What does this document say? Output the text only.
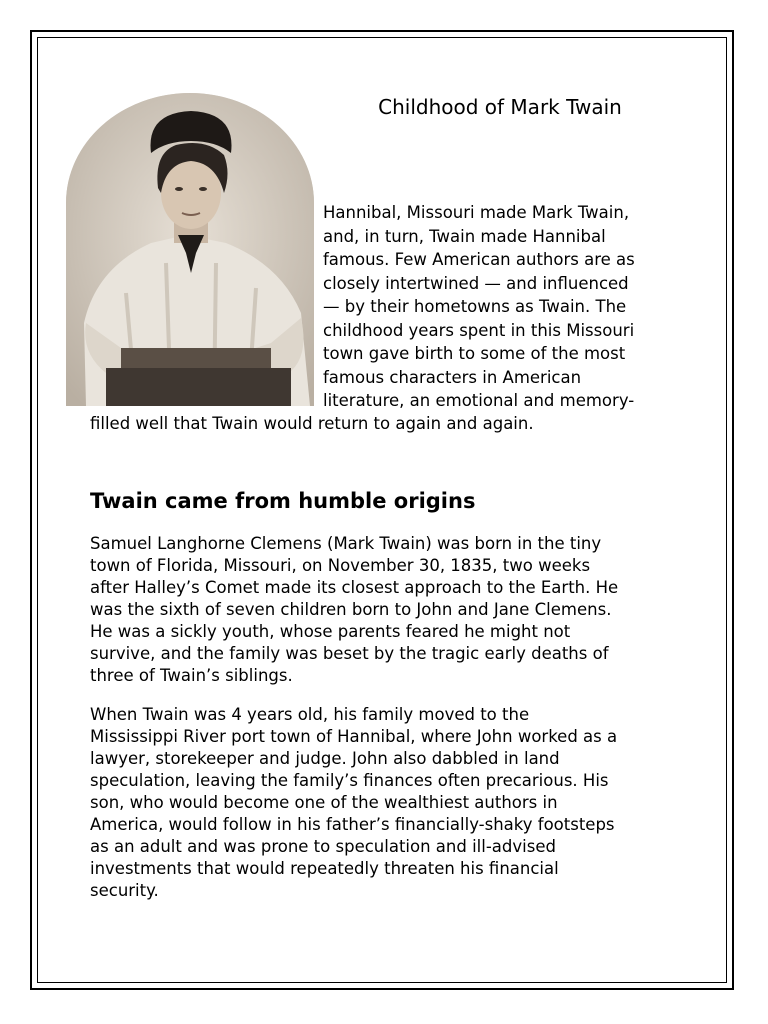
Childhood of Mark Twain
Hannibal, Missouri made Mark Twain,
and, in turn, Twain made Hannibal
famous. Few American authors are as
closely intertwined — and influenced
— by their hometowns as Twain. The
childhood years spent in this Missouri
town gave birth to some of the most
famous characters in American
literature, an emotional and memory-
filled well that Twain would return to again and again.
Twain came from humble origins
Samuel Langhorne Clemens (Mark Twain) was born in the tiny
town of Florida, Missouri, on November 30, 1835, two weeks
after Halley’s Comet made its closest approach to the Earth. He
was the sixth of seven children born to John and Jane Clemens.
He was a sickly youth, whose parents feared he might not
survive, and the family was beset by the tragic early deaths of
three of Twain’s siblings.
When Twain was 4 years old, his family moved to the
Mississippi River port town of Hannibal, where John worked as a
lawyer, storekeeper and judge. John also dabbled in land
speculation, leaving the family’s finances often precarious. His
son, who would become one of the wealthiest authors in
America, would follow in his father’s financially-shaky footsteps
as an adult and was prone to speculation and ill-advised
investments that would repeatedly threaten his financial
security.
